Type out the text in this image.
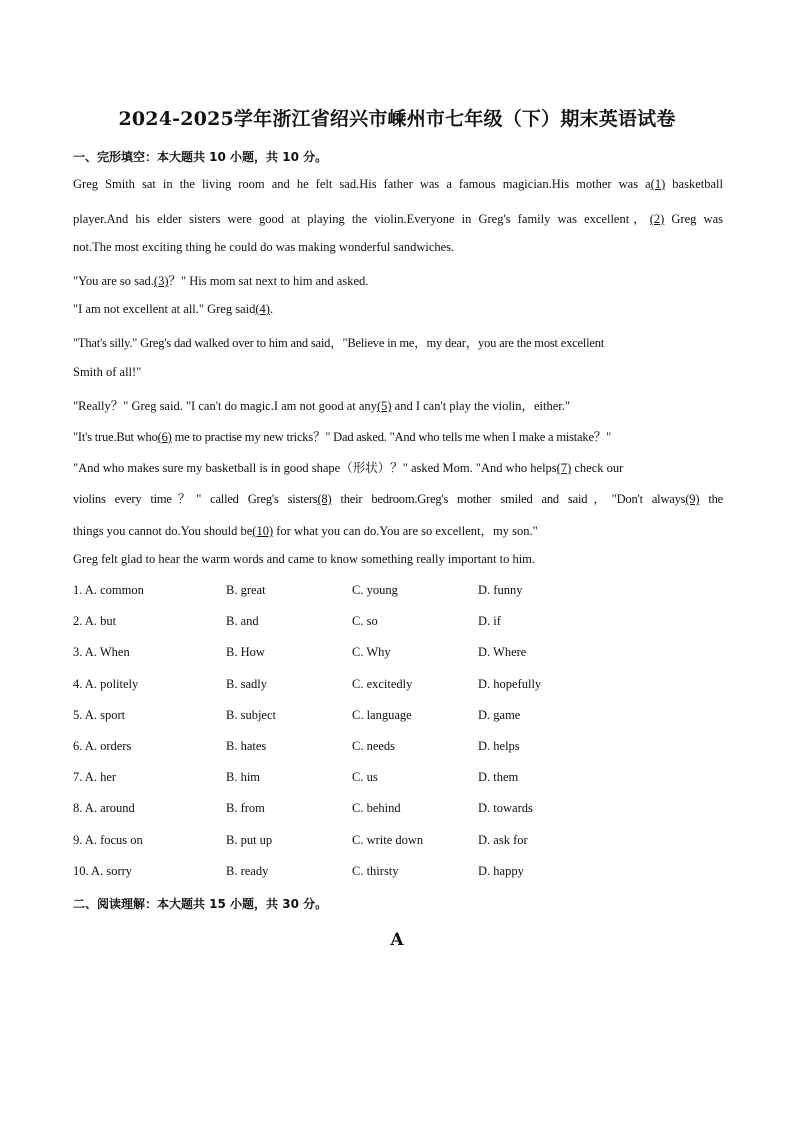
2024-2025学年浙江省绍兴市嵊州市七年级（下）期末英语试卷
一、完形填空：本大题共 10 小题，共 10 分。
Greg Smith sat in the living room and he felt sad.His father was a famous magician.His mother was a(1) basketball
player.And his elder sisters were good at playing the violin.Everyone in Greg's family was excellent，(2) Greg was
not.The most exciting thing he could do was making wonderful sandwiches.
"You are so sad.(3)？" His mom sat next to him and asked.
"I am not excellent at all." Greg said(4).
"That's silly." Greg's dad walked over to him and said，"Believe in me，my dear，you are the most excellent
Smith of all!"
"Really？" Greg said. "I can't do magic.I am not good at any(5) and I can't play the violin，either."
"It's true.But who(6) me to practise my new tricks？" Dad asked. "And who tells me when I make a mistake？"
"And who makes sure my basketball is in good shape（形状）？" asked Mom. "And who helps(7) check our
violins every time？" called Greg's sisters(8) their bedroom.Greg's mother smiled and said，"Don't always(9) the
things you cannot do.You should be(10) for what you can do.You are so excellent，my son."
Greg felt glad to hear the warm words and came to know something really important to him.
1. A. common	B. great	C. young	D. funny
2. A. but	B. and	C. so	D. if
3. A. When	B. How	C. Why	D. Where
4. A. politely	B. sadly	C. excitedly	D. hopefully
5. A. sport	B. subject	C. language	D. game
6. A. orders	B. hates	C. needs	D. helps
7. A. her	B. him	C. us	D. them
8. A. around	B. from	C. behind	D. towards
9. A. focus on	B. put up	C. write down	D. ask for
10. A. sorry	B. ready	C. thirsty	D. happy
二、阅读理解：本大题共 15 小题，共 30 分。
A
